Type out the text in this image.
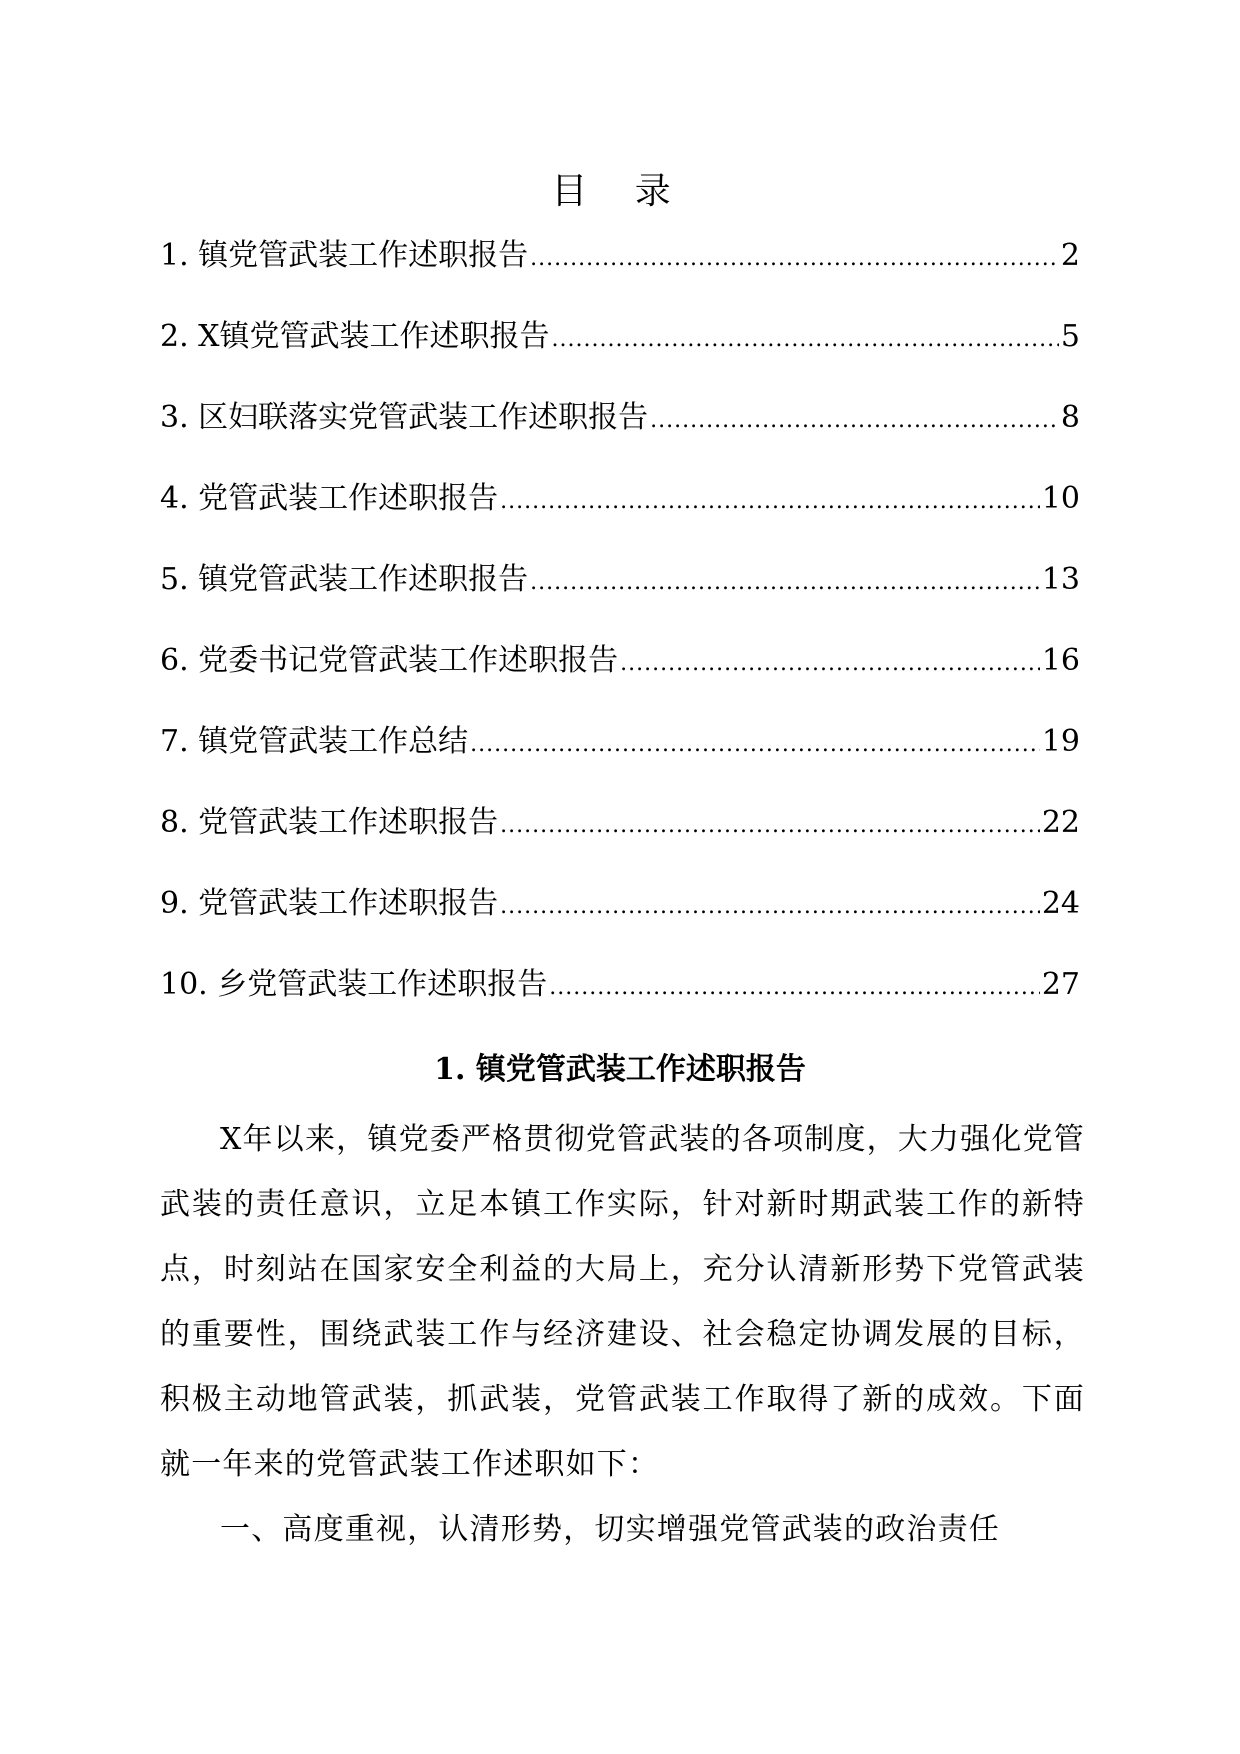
目 录
1. 镇党管武装工作述职报告 .....	2
2. X镇党管武装工作述职报告 .....	5
3. 区妇联落实党管武装工作述职报告 .....	8
4. 党管武装工作述职报告 .....	10
5. 镇党管武装工作述职报告 .....	13
6. 党委书记党管武装工作述职报告 .....	16
7. 镇党管武装工作总结 .....	19
8. 党管武装工作述职报告 .....	22
9. 党管武装工作述职报告 .....	24
10. 乡党管武装工作述职报告 .....	27
1. 镇党管武装工作述职报告

X年以来，镇党委严格贯彻党管武装的各项制度，大力强化党管武装的责任意识，立足本镇工作实际，针对新时期武装工作的新特点，时刻站在国家安全利益的大局上，充分认清新形势下党管武装的重要性，围绕武装工作与经济建设、社会稳定协调发展的目标，积极主动地管武装，抓武装，党管武装工作取得了新的成效。下面就一年来的党管武装工作述职如下：

一、高度重视，认清形势，切实增强党管武装的政治责任
